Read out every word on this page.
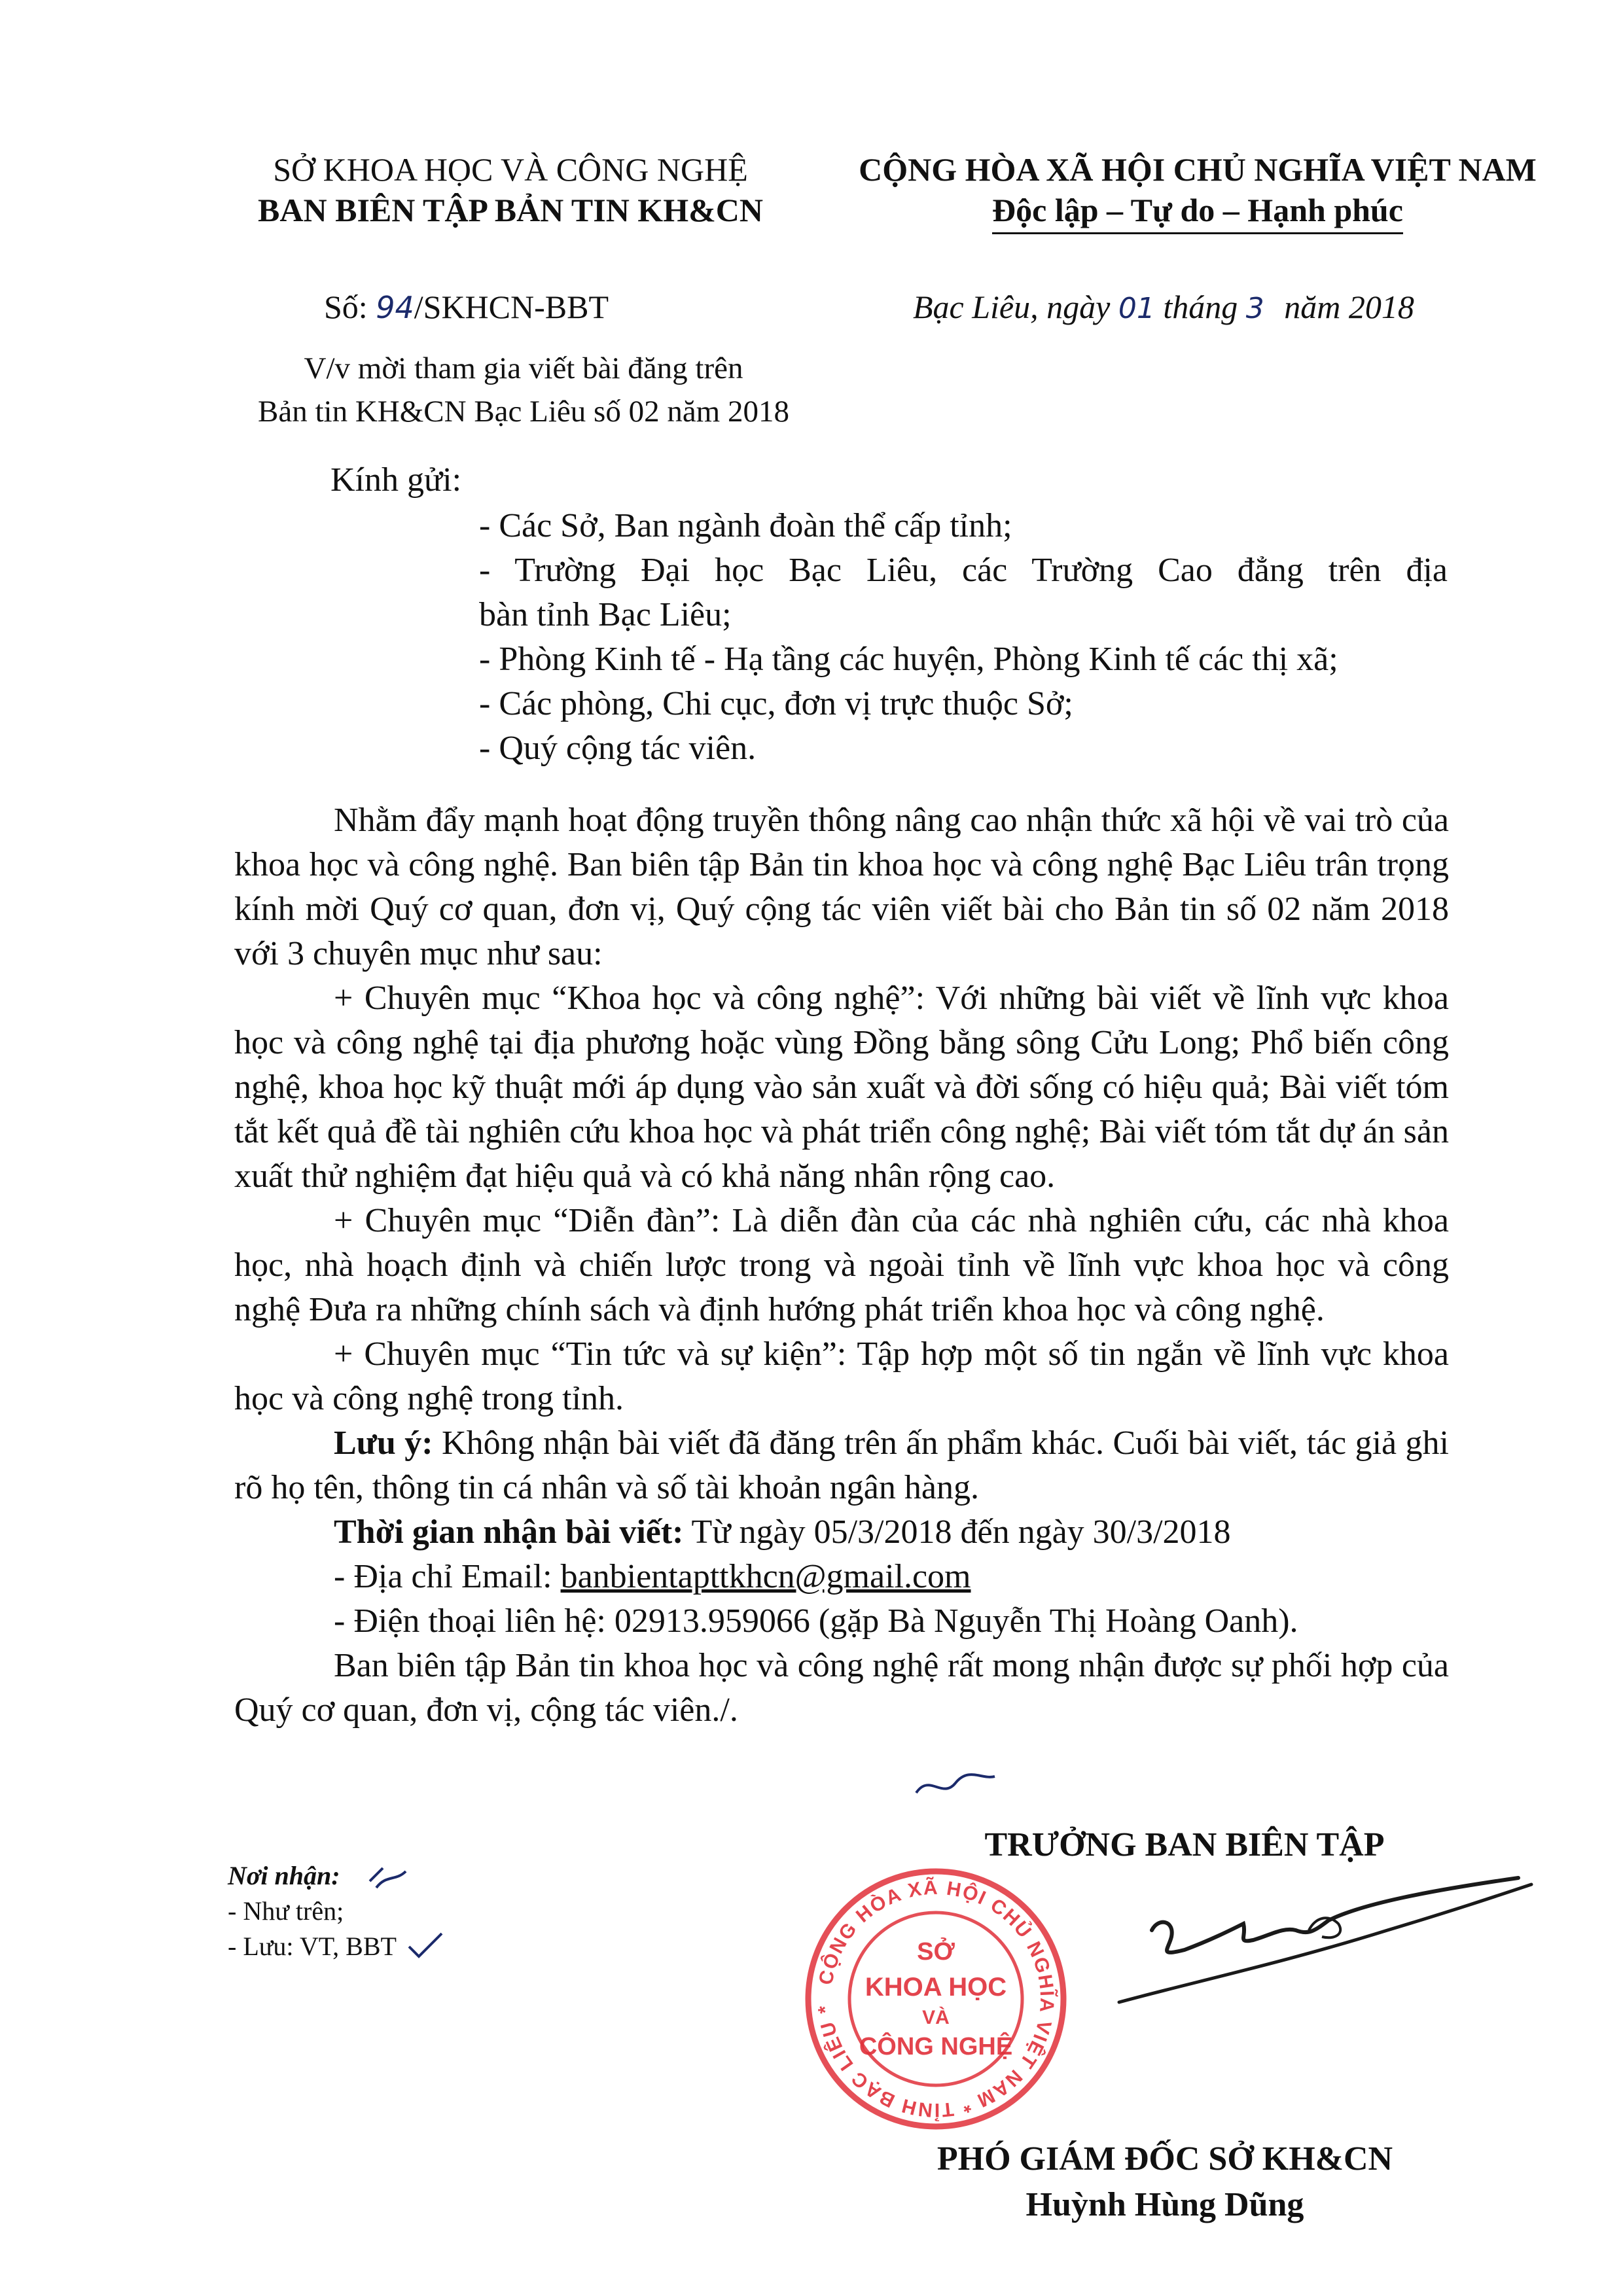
SỞ KHOA HỌC VÀ CÔNG NGHỆ
BAN BIÊN TẬP BẢN TIN KH&CN
CỘNG HÒA XÃ HỘI CHỦ NGHĨA VIỆT NAM
Độc lập – Tự do – Hạnh phúc
Số: 94/SKHCN-BBT	Bạc Liêu, ngày 01 tháng 3 năm 2018
V/v mời tham gia viết bài đăng trên
Bản tin KH&CN Bạc Liêu số 02 năm 2018
Kính gửi:
- Các Sở, Ban ngành đoàn thể cấp tỉnh;
- Trường Đại học Bạc Liêu, các Trường Cao đẳng trên địa
bàn tỉnh Bạc Liêu;
- Phòng Kinh tế - Hạ tầng các huyện, Phòng Kinh tế các thị xã;
- Các phòng, Chi cục, đơn vị trực thuộc Sở;
- Quý cộng tác viên.
Nhằm đẩy mạnh hoạt động truyền thông nâng cao nhận thức xã hội về vai trò của khoa học và công nghệ. Ban biên tập Bản tin khoa học và công nghệ Bạc Liêu trân trọng kính mời Quý cơ quan, đơn vị, Quý cộng tác viên viết bài cho Bản tin số 02 năm 2018 với 3 chuyên mục như sau:
+ Chuyên mục “Khoa học và công nghệ”: Với những bài viết về lĩnh vực khoa học và công nghệ tại địa phương hoặc vùng Đồng bằng sông Cửu Long; Phổ biến công nghệ, khoa học kỹ thuật mới áp dụng vào sản xuất và đời sống có hiệu quả; Bài viết tóm tắt kết quả đề tài nghiên cứu khoa học và phát triển công nghệ; Bài viết tóm tắt dự án sản xuất thử nghiệm đạt hiệu quả và có khả năng nhân rộng cao.
+ Chuyên mục “Diễn đàn”: Là diễn đàn của các nhà nghiên cứu, các nhà khoa học, nhà hoạch định và chiến lược trong và ngoài tỉnh về lĩnh vực khoa học và công nghệ Đưa ra những chính sách và định hướng phát triển khoa học và công nghệ.
+ Chuyên mục “Tin tức và sự kiện”: Tập hợp một số tin ngắn về lĩnh vực khoa học và công nghệ trong tỉnh.
Lưu ý: Không nhận bài viết đã đăng trên ấn phẩm khác. Cuối bài viết, tác giả ghi rõ họ tên, thông tin cá nhân và số tài khoản ngân hàng.
Thời gian nhận bài viết: Từ ngày 05/3/2018 đến ngày 30/3/2018
- Địa chỉ Email: banbientapttkhcn@gmail.com
- Điện thoại liên hệ: 02913.959066 (gặp Bà Nguyễn Thị Hoàng Oanh).
Ban biên tập Bản tin khoa học và công nghệ rất mong nhận được sự phối hợp của Quý cơ quan, đơn vị, cộng tác viên./.
Nơi nhận:
- Như trên;
- Lưu: VT, BBT
TRƯỞNG BAN BIÊN TẬP
CỘNG HÒA XÃ HỘI CHỦ NGHĨA VIỆT NAM * TỈNH BẠC LIÊU *
SỞ
KHOA HỌC
VÀ
CÔNG NGHỆ
PHÓ GIÁM ĐỐC SỞ KH&CN
Huỳnh Hùng Dũng
